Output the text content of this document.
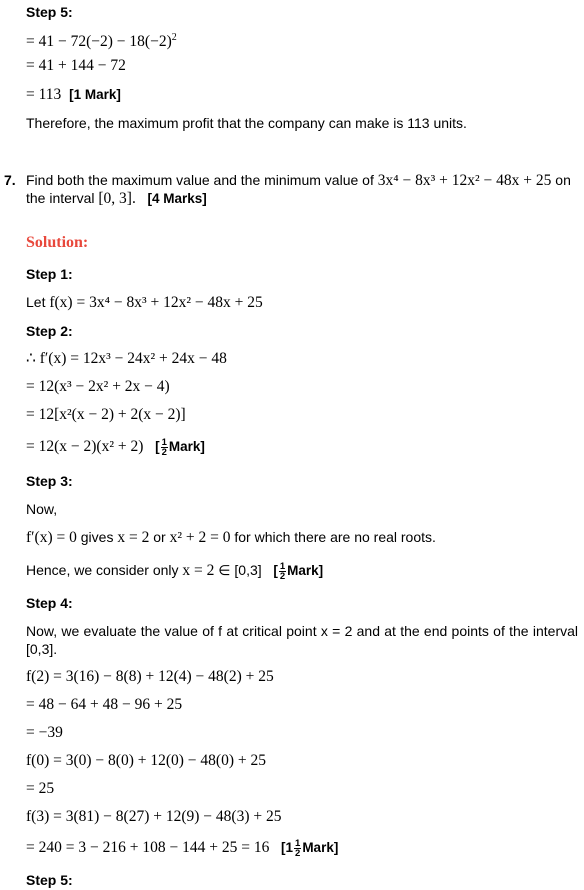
Step 5:
= $41 - 72(-2) - 18(-2)^2$
= 41 + 144 − 72
= 113 [1 Mark]
Therefore, the maximum profit that the company can make is 113 units.
7. Find both the maximum value and the minimum value of 3x⁴ − 8x³ + 12x² − 48x + 25 on
the interval [0, 3]. [4 Marks]
Solution:
Step 1:
Let f(x) = 3x⁴ − 8x³ + 12x² − 48x + 25
Step 2:
∴ f′(x) = 12x³ − 24x² + 24x − 48
= 12(x³ − 2x² + 2x − 4)
= 12[x²(x − 2) + 2(x − 2)]
= 12(x − 2)(x² + 2) [ $\frac{1}{2}$ Mark]
Step 3:
Now,
f′(x) = 0 gives x = 2 or x² + 2 = 0 for which there are no real roots.
Hence, we consider only x = 2 ∈ [0,3] [ $\frac{1}{2}$ Mark]
Step 4:
Now, we evaluate the value of f at critical point x = 2 and at the end points of the interval [0,3].
f(2) = 3(16) − 8(8) + 12(4) − 48(2) + 25
= 48 − 64 + 48 − 96 + 25
= −39
f(0) = 3(0) − 8(0) + 12(0) − 48(0) + 25
= 25
f(3) = 3(81) − 8(27) + 12(9) − 48(3) + 25
= 240 = 3 − 216 + 108 − 144 + 25 = 16 [$1 \frac{1}{2}$ Mark]
Step 5:
